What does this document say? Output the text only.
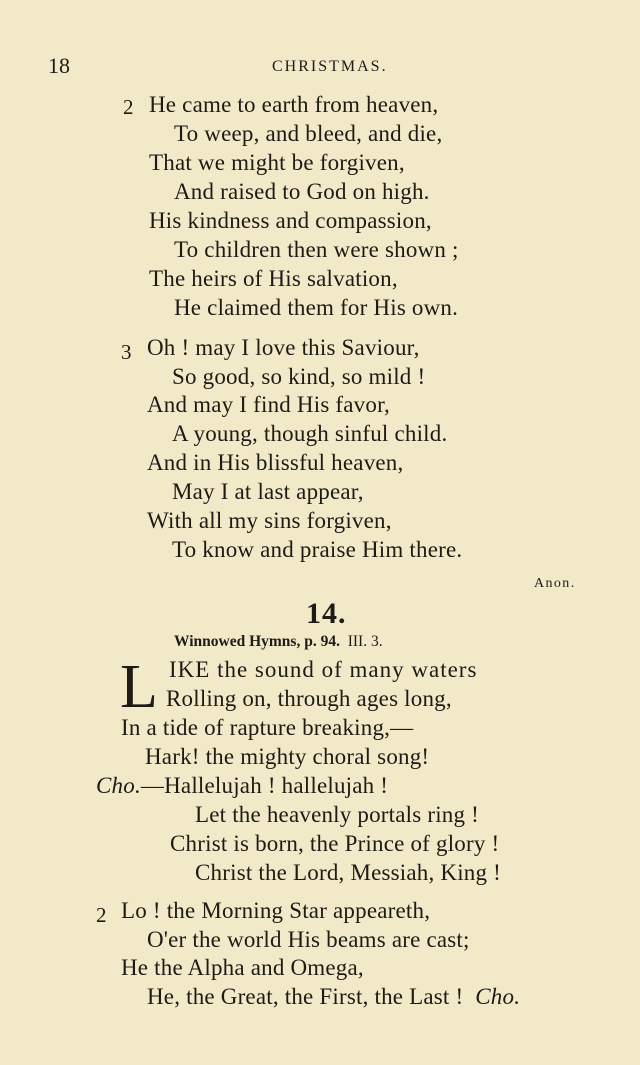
18	CHRISTMAS.
2 He came to earth from heaven,
To weep, and bleed, and die,
That we might be forgiven,
And raised to God on high.
His kindness and compassion,
To children then were shown ;
The heirs of His salvation,
He claimed them for His own.
3 Oh ! may I love this Saviour,
So good, so kind, so mild !
And may I find His favor,
A young, though sinful child.
And in His blissful heaven,
May I at last appear,
With all my sins forgiven,
To know and praise Him there.
Anon.
14.
Winnowed Hymns, p. 94. III. 3.
L IKE the sound of many waters
Rolling on, through ages long,
In a tide of rapture breaking,—
Hark! the mighty choral song!
Cho.—Hallelujah ! hallelujah !
Let the heavenly portals ring !
Christ is born, the Prince of glory !
Christ the Lord, Messiah, King !
2 Lo ! the Morning Star appeareth,
O'er the world His beams are cast;
He the Alpha and Omega,
He, the Great, the First, the Last ! Cho.
